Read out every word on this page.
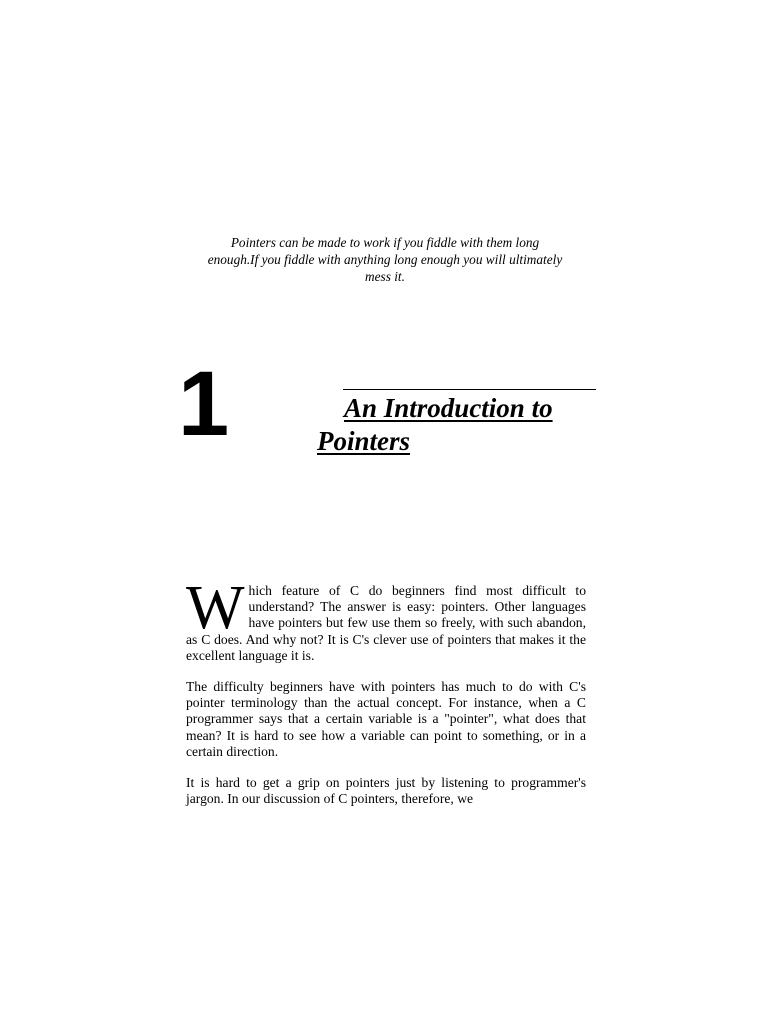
Pointers can be made to work if you fiddle with them long
enough.If you fiddle with anything long enough you will ultimately
mess it.
1	An Introduction to
Pointers

Which feature of C do beginners find most difficult to understand? The answer is easy: pointers. Other languages have pointers but few use them so freely, with such abandon, as C does. And why not? It is C's clever use of pointers that makes it the excellent language it is.

The difficulty beginners have with pointers has much to do with C's pointer terminology than the actual concept. For instance, when a C programmer says that a certain variable is a "pointer", what does that mean? It is hard to see how a variable can point to something, or in a certain direction.

It is hard to get a grip on pointers just by listening to programmer's jargon. In our discussion of C pointers, therefore, we
